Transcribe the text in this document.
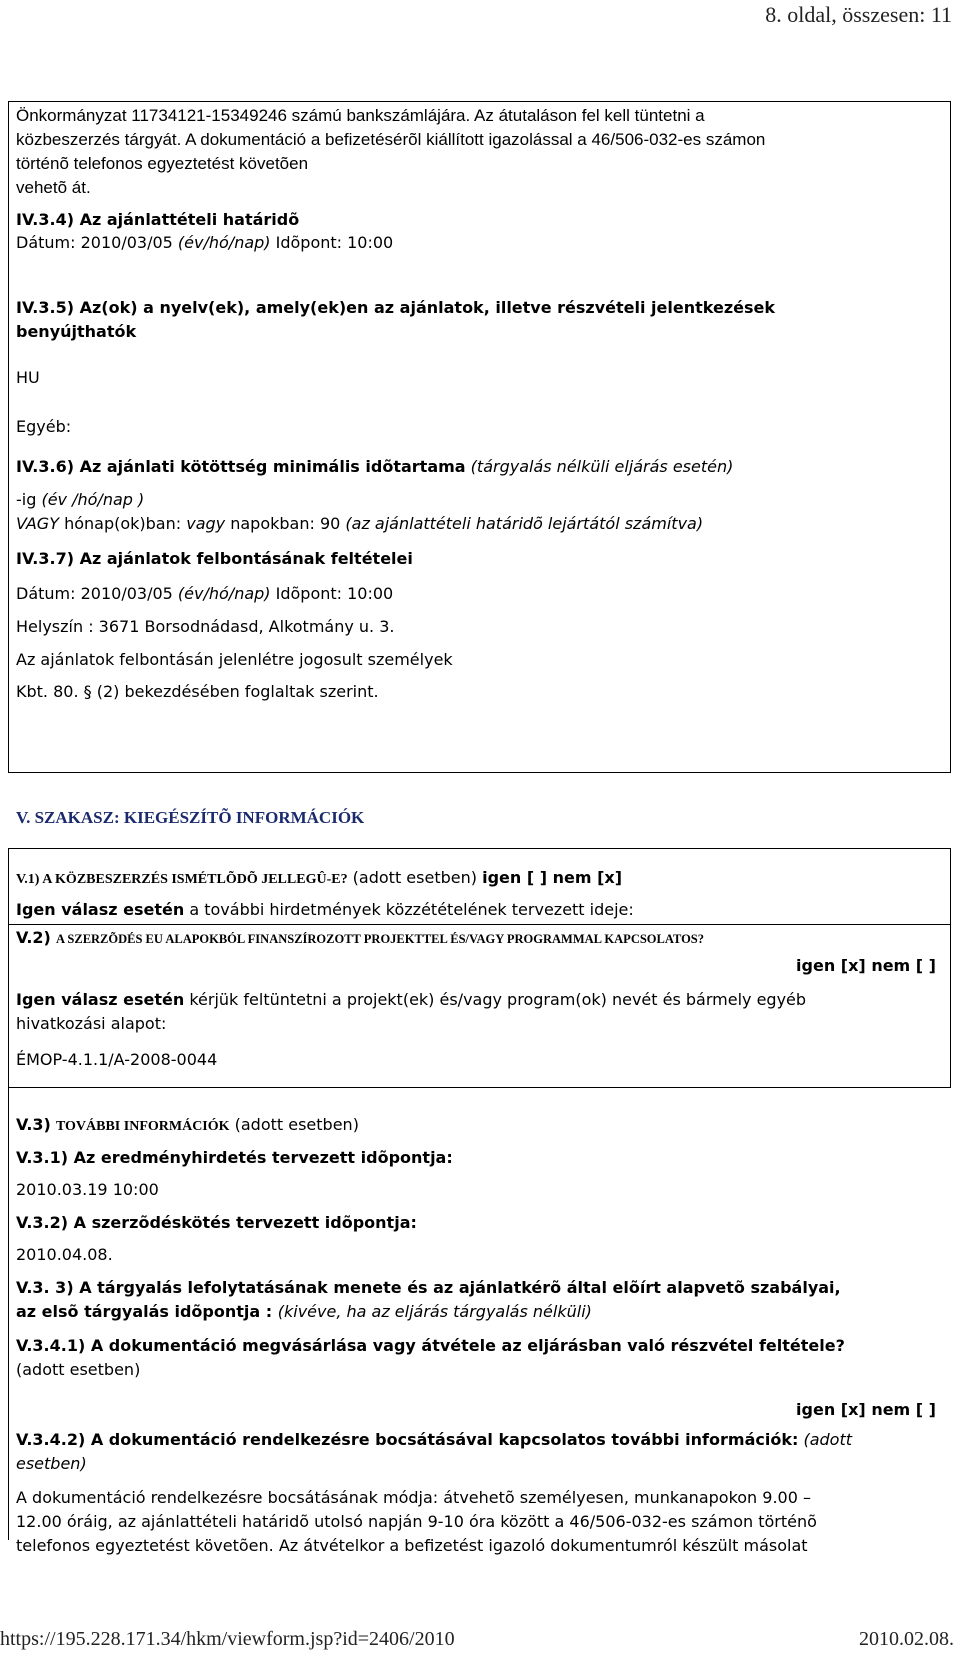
8. oldal, összesen: 11
Önkormányzat 11734121-15349246 számú bankszámlájára. Az átutaláson fel kell tüntetni a
közbeszerzés tárgyát. A dokumentáció a befizetésérõl kiállított igazolással a 46/506-032-es számon
történõ telefonos egyeztetést követõen
vehetõ át.
IV.3.4) Az ajánlattételi határidõ
Dátum: 2010/03/05 (év/hó/nap) Idõpont: 10:00
IV.3.5) Az(ok) a nyelv(ek), amely(ek)en az ajánlatok, illetve részvételi jelentkezések
benyújthatók
HU
Egyéb:
IV.3.6) Az ajánlati kötöttség minimális idõtartama (tárgyalás nélküli eljárás esetén)
-ig (év /hó/nap )
VAGY hónap(ok)ban: vagy napokban: 90 (az ajánlattételi határidõ lejártától számítva)
IV.3.7) Az ajánlatok felbontásának feltételei
Dátum: 2010/03/05 (év/hó/nap) Idõpont: 10:00
Helyszín : 3671 Borsodnádasd, Alkotmány u. 3.
Az ajánlatok felbontásán jelenlétre jogosult személyek
Kbt. 80. § (2) bekezdésében foglaltak szerint.
V. SZAKASZ: KIEGÉSZÍTÕ INFORMÁCIÓK
V.1) A KÖZBESZERZÉS ISMÉTLÕDÕ JELLEGÛ-E? (adott esetben) igen [ ] nem [x]
Igen válasz esetén a további hirdetmények közzétételének tervezett ideje:
V.2) A SZERZÕDÉS EU ALAPOKBÓL FINANSZÍROZOTT PROJEKTTEL ÉS/VAGY PROGRAMMAL KAPCSOLATOS?
igen [x] nem [ ]
Igen válasz esetén kérjük feltüntetni a projekt(ek) és/vagy program(ok) nevét és bármely egyéb
hivatkozási alapot:
ÉMOP-4.1.1/A-2008-0044
V.3) TOVÁBBI INFORMÁCIÓK (adott esetben)
V.3.1) Az eredményhirdetés tervezett idõpontja:
2010.03.19 10:00
V.3.2) A szerzõdéskötés tervezett idõpontja:
2010.04.08.
V.3. 3) A tárgyalás lefolytatásának menete és az ajánlatkérõ által elõírt alapvetõ szabályai,
az elsõ tárgyalás idõpontja : (kivéve, ha az eljárás tárgyalás nélküli)
V.3.4.1) A dokumentáció megvásárlása vagy átvétele az eljárásban való részvétel feltétele?
(adott esetben)
igen [x] nem [ ]
V.3.4.2) A dokumentáció rendelkezésre bocsátásával kapcsolatos további információk: (adott
esetben)
A dokumentáció rendelkezésre bocsátásának módja: átvehetõ személyesen, munkanapokon 9.00 –
12.00 óráig, az ajánlattételi határidõ utolsó napján 9-10 óra között a 46/506-032-es számon történõ
telefonos egyeztetést követõen. Az átvételkor a befizetést igazoló dokumentumról készült másolat
https://195.228.171.34/hkm/viewform.jsp?id=2406/2010	2010.02.08.
